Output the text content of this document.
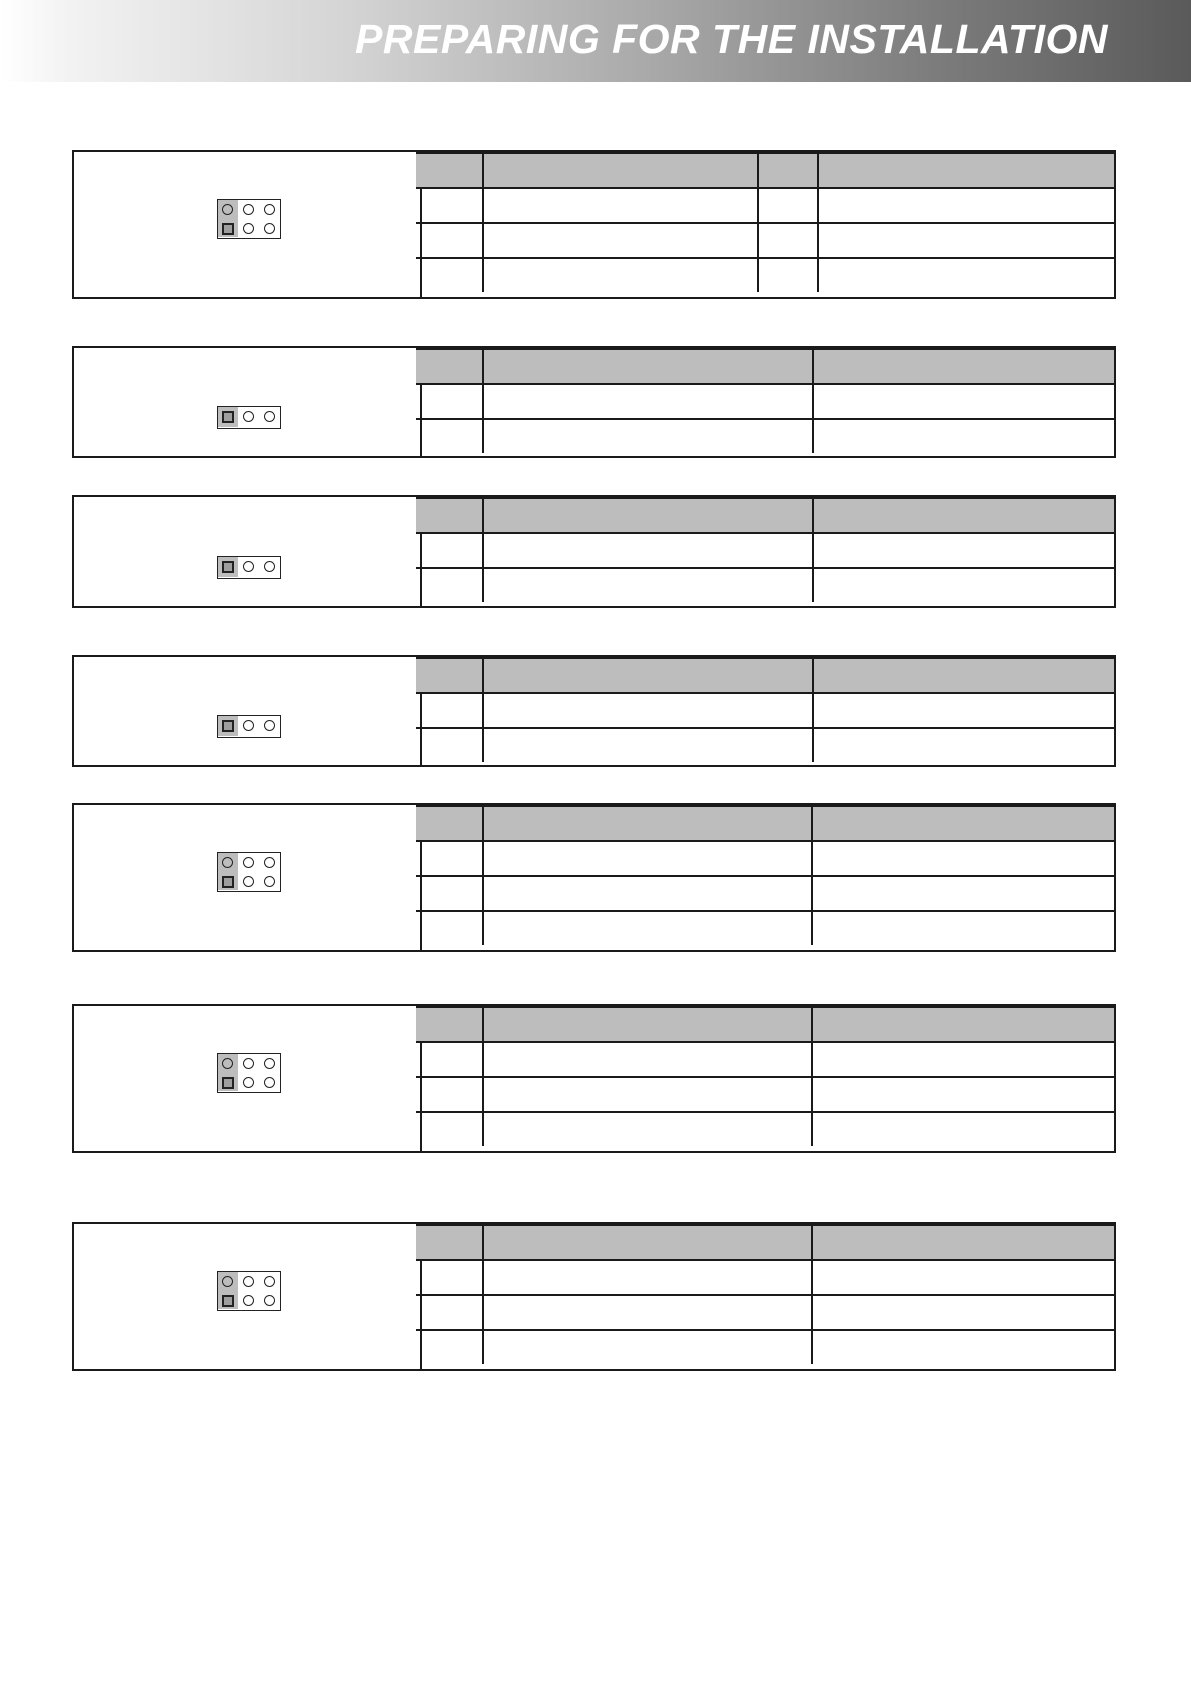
PREPARING FOR THE INSTALLATION
